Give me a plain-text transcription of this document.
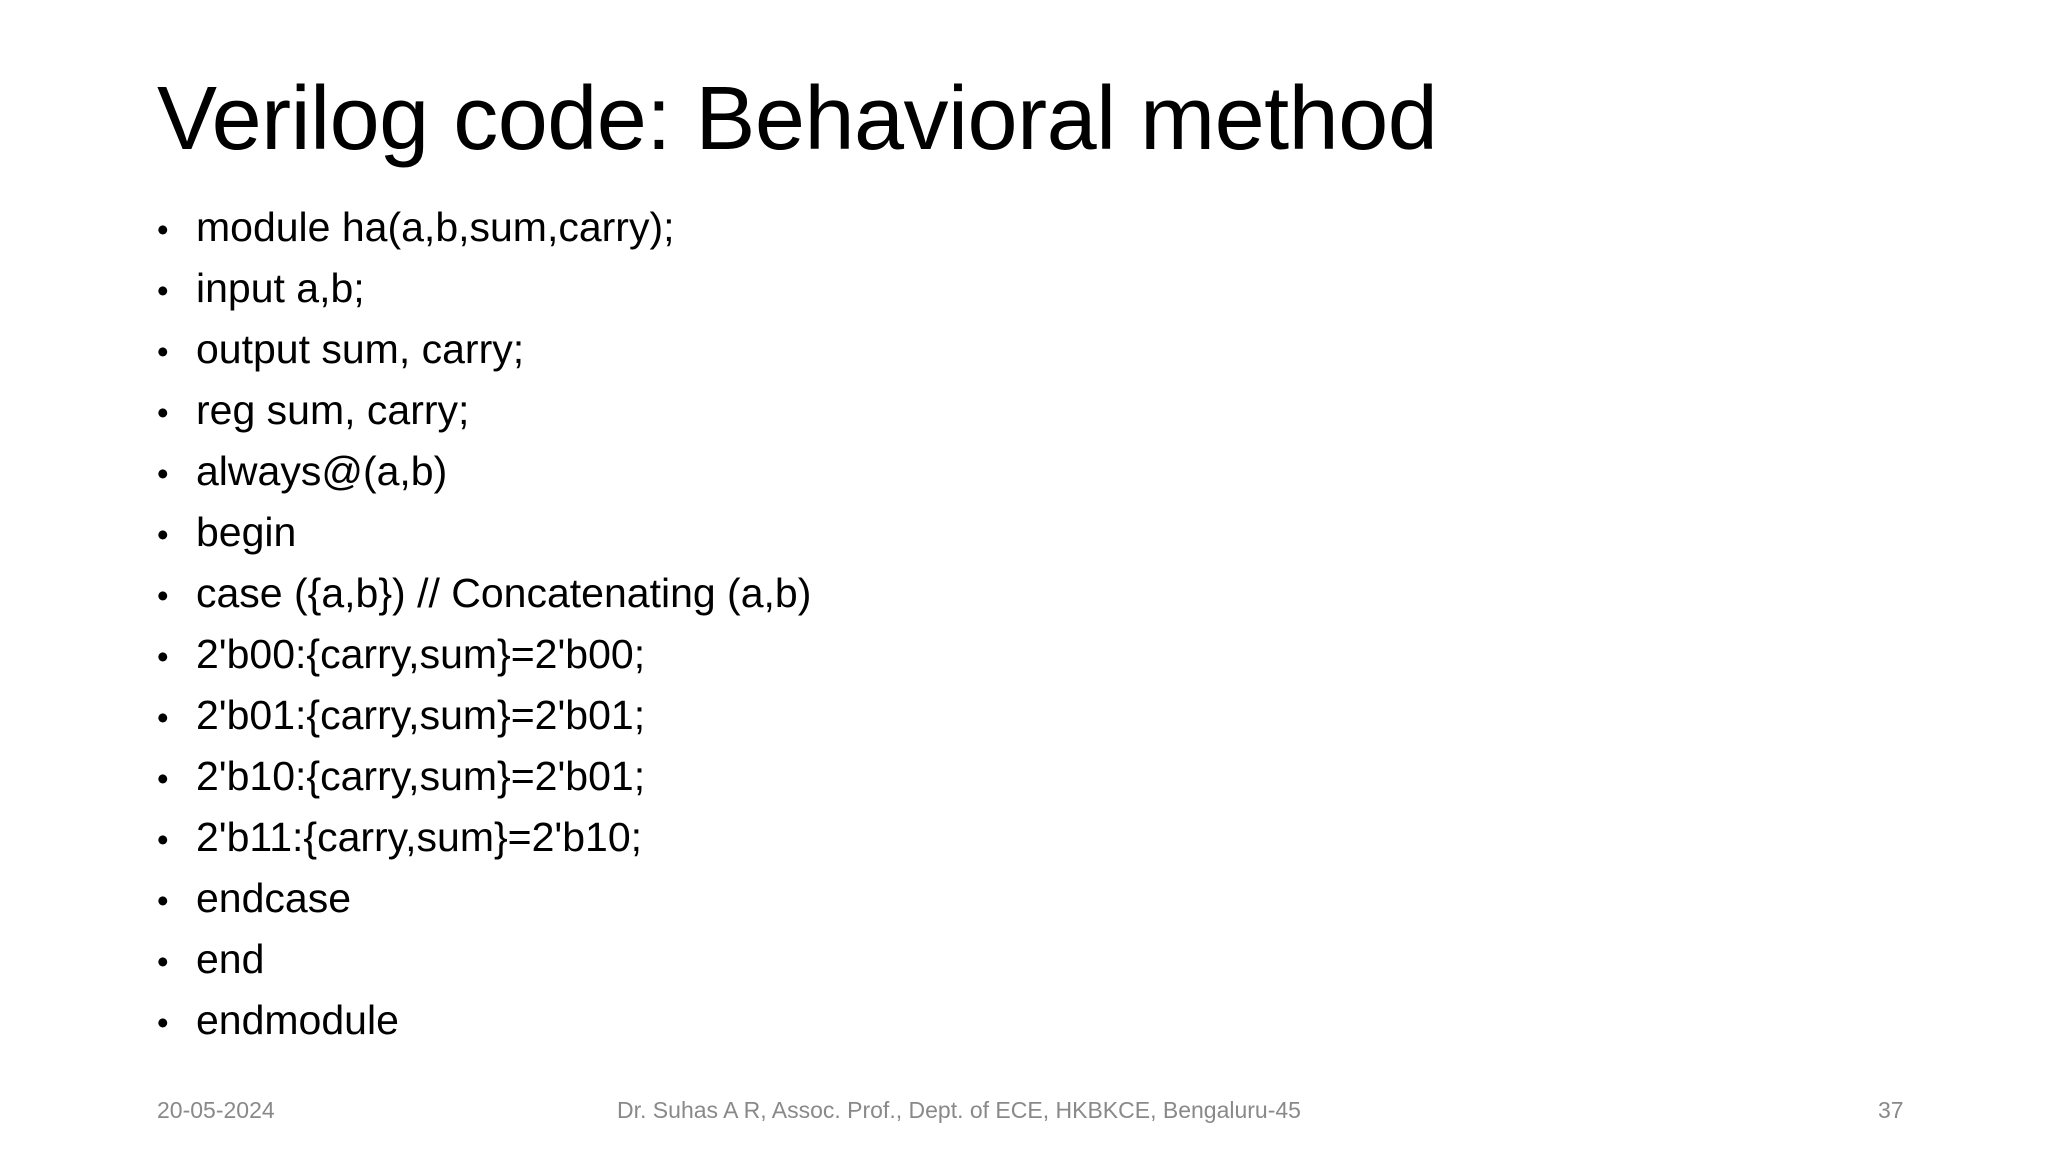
Verilog code: Behavioral method
• module ha(a,b,sum,carry);
• input a,b;
• output sum, carry;
• reg sum, carry;
• always@(a,b)
• begin
• case ({a,b}) // Concatenating (a,b)
• 2'b00:{carry,sum}=2'b00;
• 2'b01:{carry,sum}=2'b01;
• 2'b10:{carry,sum}=2'b01;
• 2'b11:{carry,sum}=2'b10;
• endcase
• end
• endmodule
20-05-2024	Dr. Suhas A R, Assoc. Prof., Dept. of ECE, HKBKCE, Bengaluru-45	37
